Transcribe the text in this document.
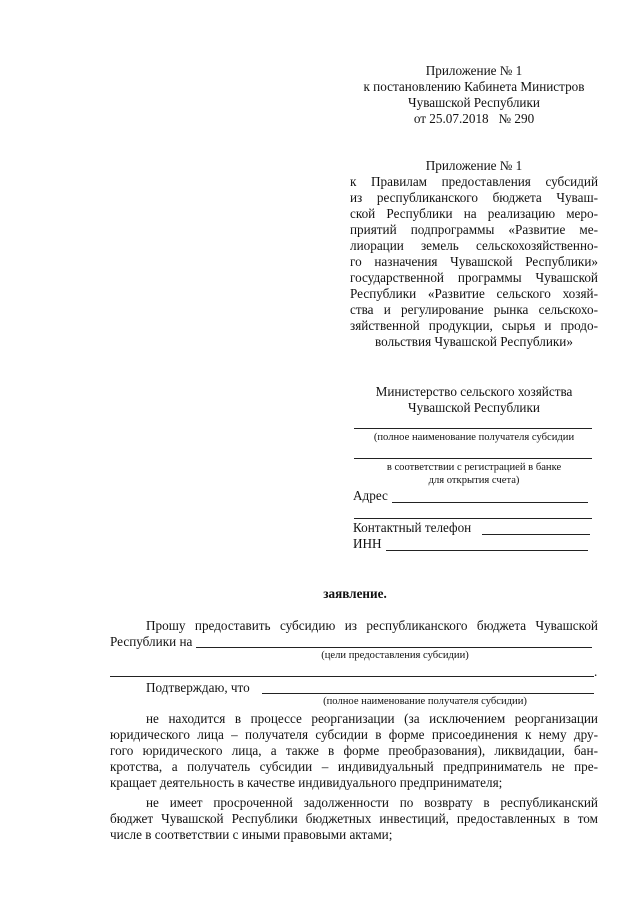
Приложение № 1
к постановлению Кабинета Министров
Чувашской Республики
от 25.07.2018   № 290
Приложение № 1
к Правилам предоставления субсидий
из республиканского бюджета Чуваш-
ской Республики на реализацию меро-
приятий подпрограммы «Развитие ме-
лиорации земель сельскохозяйственно-
го назначения Чувашской Республики»
государственной программы Чувашской
Республики «Развитие сельского хозяй-
ства и регулирование рынка сельскохо-
зяйственной продукции, сырья и продо-
вольствия Чувашской Республики»
Министерство сельского хозяйства
Чувашской Республики
(полное наименование получателя субсидии
в соответствии с регистрацией в банке
для открытия счета)
Адрес
Контактный телефон
ИНН
заявление.
Прошу предоставить субсидию из республиканского бюджета Чувашской
Республики на
(цели предоставления субсидии)
.
Подтверждаю, что
(полное наименование получателя субсидии)
не находится в процессе реорганизации (за исключением реорганизации
юридического лица – получателя субсидии в форме присоединения к нему дру-
гого юридического лица, а также в форме преобразования), ликвидации, бан-
кротства, а получатель субсидии – индивидуальный предприниматель не пре-
кращает деятельность в качестве индивидуального предпринимателя;
не имеет просроченной задолженности по возврату в республиканский
бюджет Чувашской Республики бюджетных инвестиций, предоставленных в том
числе в соответствии с иными правовыми актами;
